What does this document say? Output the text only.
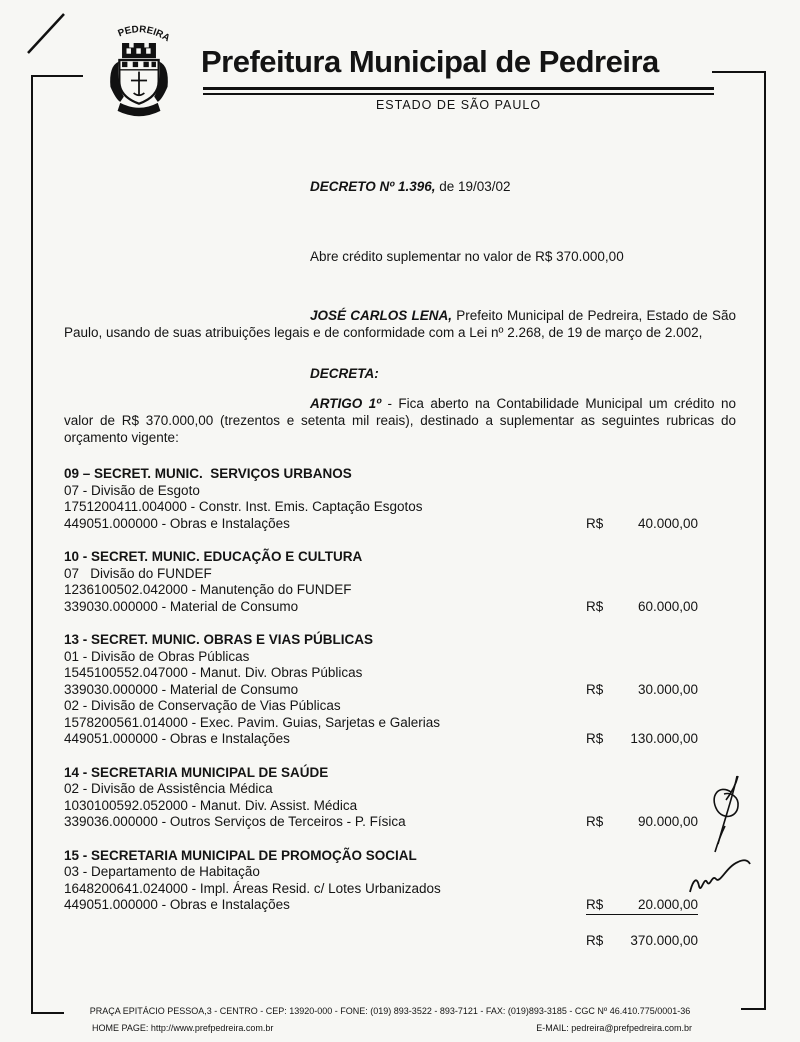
PEDREIRA
Prefeitura Municipal de Pedreira
ESTADO DE SÃO PAULO
DECRETO Nº 1.396, de 19/03/02
Abre crédito suplementar no valor de R$ 370.000,00

JOSÉ CARLOS LENA, Prefeito Municipal de Pedreira, Estado de São Paulo, usando de suas atribuições legais e de conformidade com a Lei nº 2.268, de 19 de março de 2.002,

DECRETA:

ARTIGO 1º - Fica aberto na Contabilidade Municipal um crédito no valor de R$ 370.000,00 (trezentos e setenta mil reais), destinado a suplementar as seguintes rubricas do orçamento vigente:

09 – SECRET. MUNIC.  SERVIÇOS URBANOS
07 - Divisão de Esgoto
1751200411.004000 - Constr. Inst. Emis. Captação Esgotos
449051.000000 - Obras e Instalações	R$	40.000,00
10 - SECRET. MUNIC. EDUCAÇÃO E CULTURA
07   Divisão do FUNDEF
1236100502.042000 - Manutenção do FUNDEF
339030.000000 - Material de Consumo	R$	60.000,00
13 - SECRET. MUNIC. OBRAS E VIAS PÚBLICAS
01 - Divisão de Obras Públicas
1545100552.047000 - Manut. Div. Obras Públicas
339030.000000 - Material de Consumo	R$	30.000,00
02 - Divisão de Conservação de Vias Públicas
1578200561.014000 - Exec. Pavim. Guias, Sarjetas e Galerias
449051.000000 - Obras e Instalações	R$ 130.000,00
14 - SECRETARIA MUNICIPAL DE SAÚDE
02 - Divisão de Assistência Médica
1030100592.052000 - Manut. Div. Assist. Médica
339036.000000 - Outros Serviços de Terceiros - P. Física	R$	90.000,00
15 - SECRETARIA MUNICIPAL DE PROMOÇÃO SOCIAL
03 - Departamento de Habitação
1648200641.024000 - Impl. Áreas Resid. c/ Lotes Urbanizados
449051.000000 - Obras e Instalações	R$	20.000,00
R$ 370.000,00
PRAÇA EPITÁCIO PESSOA,3 - CENTRO - CEP: 13920-000 - FONE: (019) 893-3522 - 893-7121 - FAX: (019)893-3185 - CGC Nº 46.410.775/0001-36
HOME PAGE: http://www.prefpedreira.com.br	E-MAIL: pedreira@prefpedreira.com.br
